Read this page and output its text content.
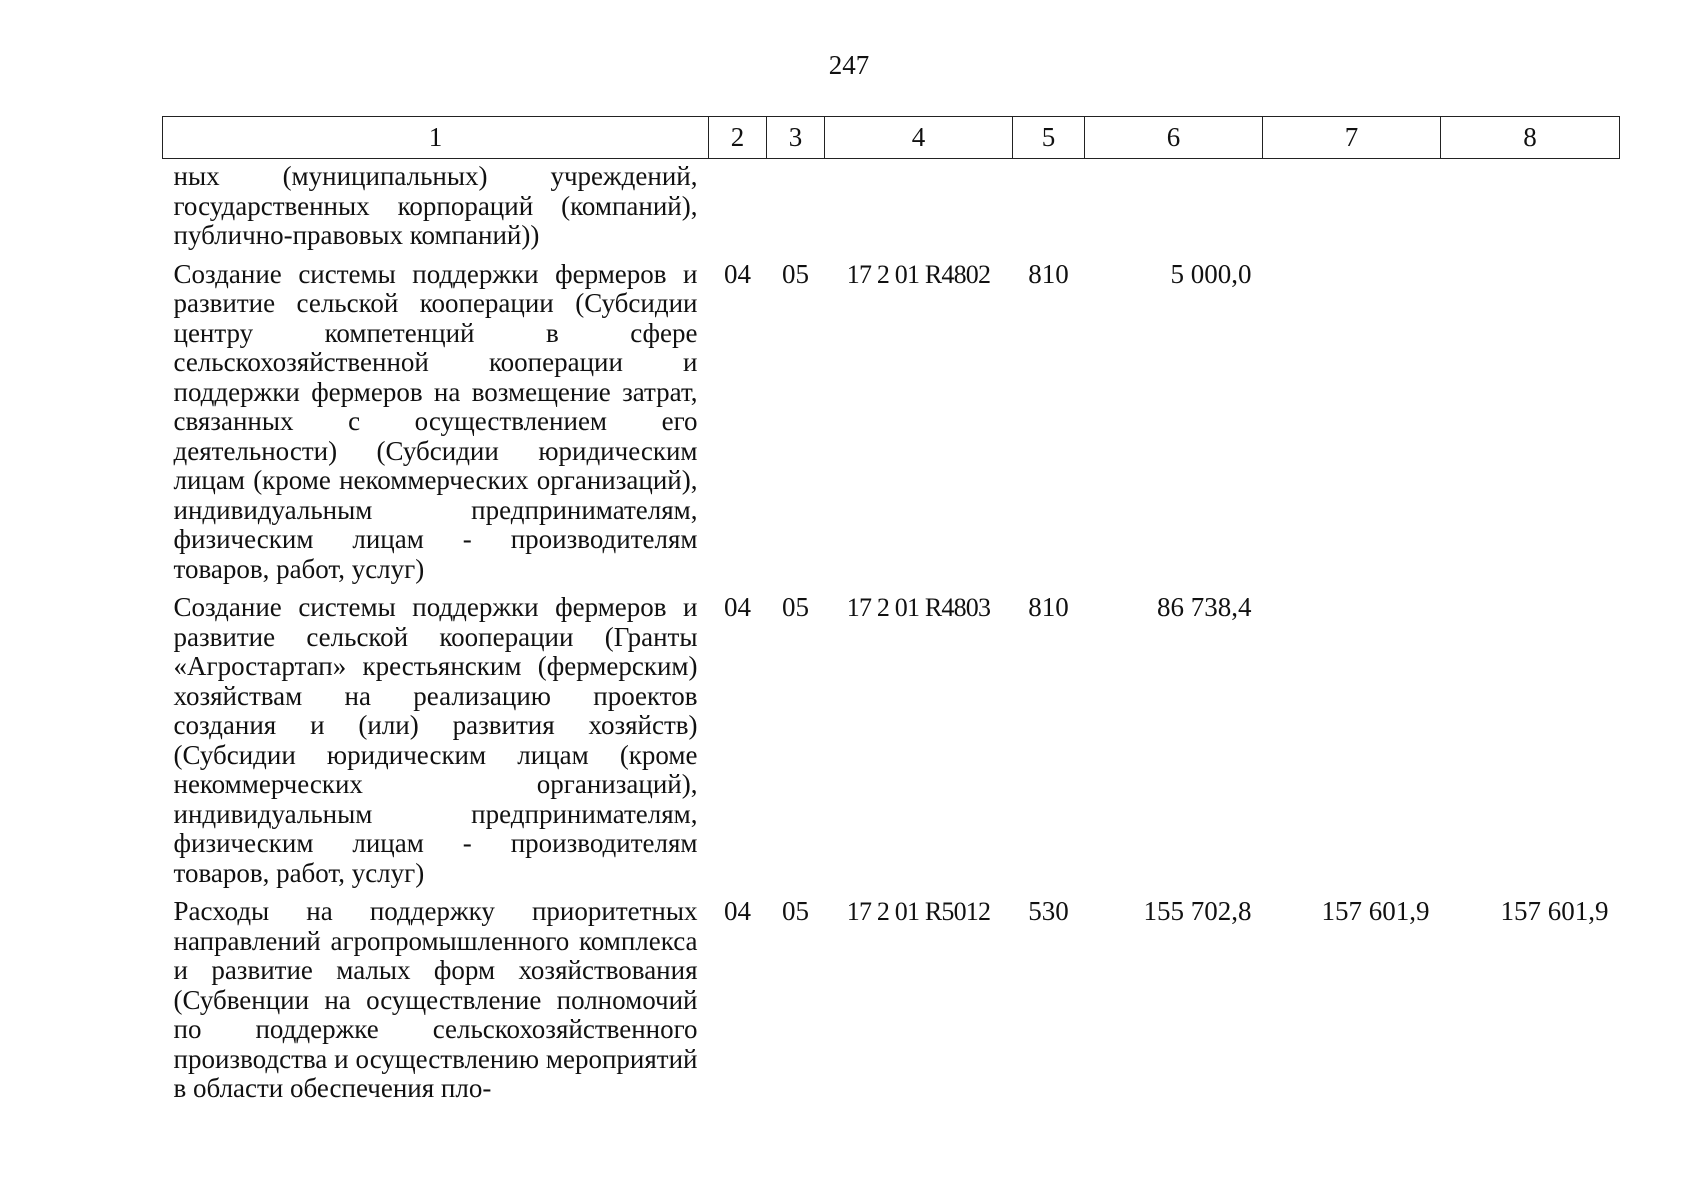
247
1	2	3	4	5	6	7	8
ных (муниципальных) учреждений, государственных корпораций (компаний), публично-правовых компаний))							
Создание системы поддержки фермеров и развитие сельской кооперации (Субсидии центру компетенций в сфере сельскохозяйственной кооперации и поддержки фермеров на возмещение затрат, связанных с осуществлением его деятельности) (Субсидии юридическим лицам (кроме некоммерческих организаций), индивидуальным предпринимателям, физическим лицам - производителям товаров, работ, услуг)	04	05	17 2 01 R4802	810	5 000,0		
Создание системы поддержки фермеров и развитие сельской кооперации (Гранты «Агростартап» крестьянским (фермерским) хозяйствам на реализацию проектов создания и (или) развития хозяйств) (Субсидии юридическим лицам (кроме некоммерческих организаций), индивидуальным предпринимателям, физическим лицам - производителям товаров, работ, услуг)	04	05	17 2 01 R4803	810	86 738,4		
Расходы на поддержку приоритетных направлений агропромышленного комплекса и развитие малых форм хозяйствования (Субвенции на осуществление полномочий по поддержке сельскохозяйственного производства и осуществлению мероприятий в области обеспечения пло-	04	05	17 2 01 R5012	530	155 702,8	157 601,9	157 601,9
